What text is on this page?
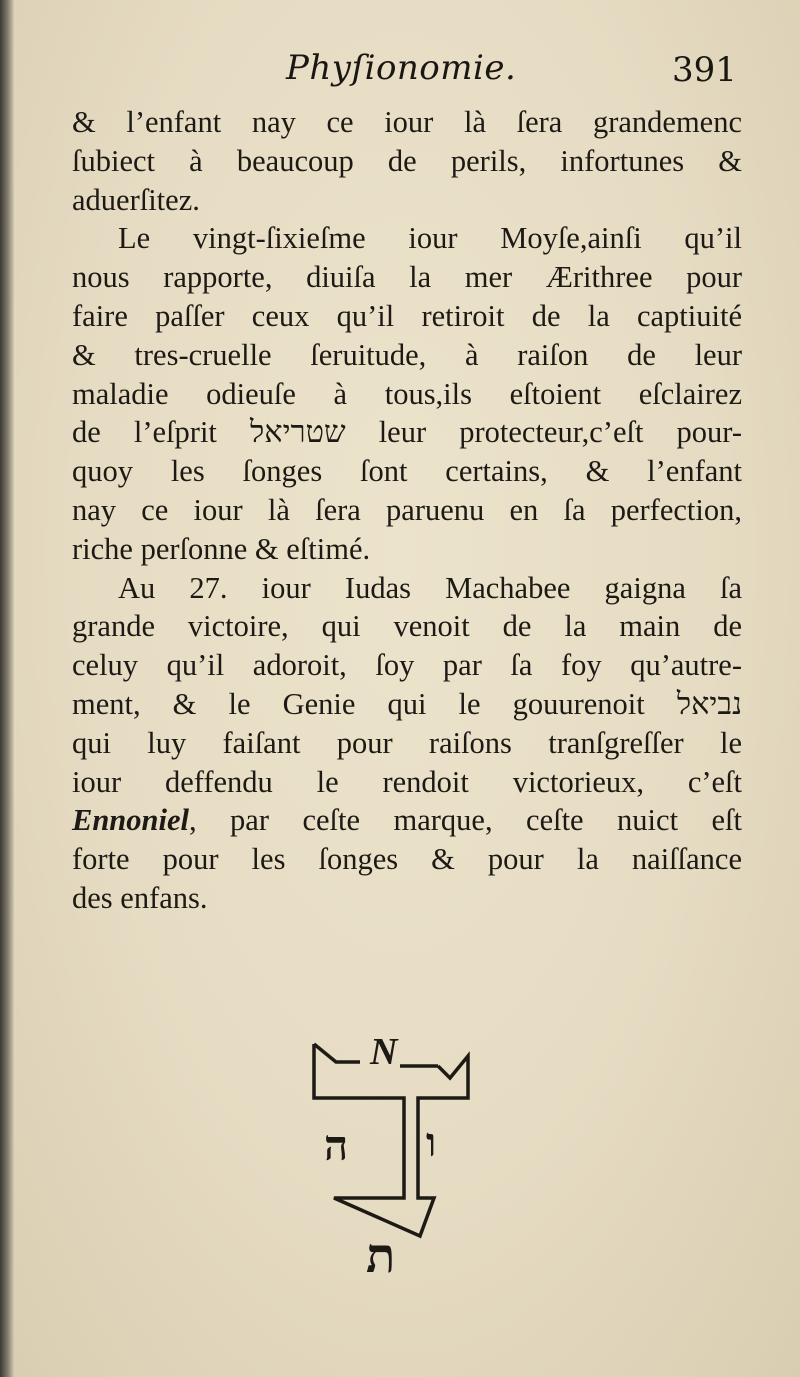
Phyſionomie.	391
& l’enfant nay ce iour là ſera grandemenc
ſubiect à beaucoup de perils, infortunes &
aduerſitez.
Le vingt-ſixieſme iour Moyſe,ainſi qu’il
nous rapporte, diuiſa la mer Ærithree pour
faire paſſer ceux qu’il retiroit de la captiuité
& tres-cruelle ſeruitude, à raiſon de leur
maladie odieuſe à tous,ils eſtoient eſclairez
de l’eſprit שטריאל leur protecteur,c’eſt pour-
quoy les ſonges ſont certains, & l’enfant
nay ce iour là ſera paruenu en ſa perfection,
riche perſonne & eſtimé.
Au 27. iour Iudas Machabee gaigna ſa
grande victoire, qui venoit de la main de
celuy qu’il adoroit, ſoy par ſa foy qu’autre-
ment, & le Genie qui le gouurenoit נביאל
qui luy faiſant pour raiſons tranſgreſſer le
iour deffendu le rendoit victorieux, c’eſt
Ennoniel, par ceſte marque, ceſte nuict eſt
forte pour les ſonges & pour la naiſſance
des enfans.
N
ה ו
ת
